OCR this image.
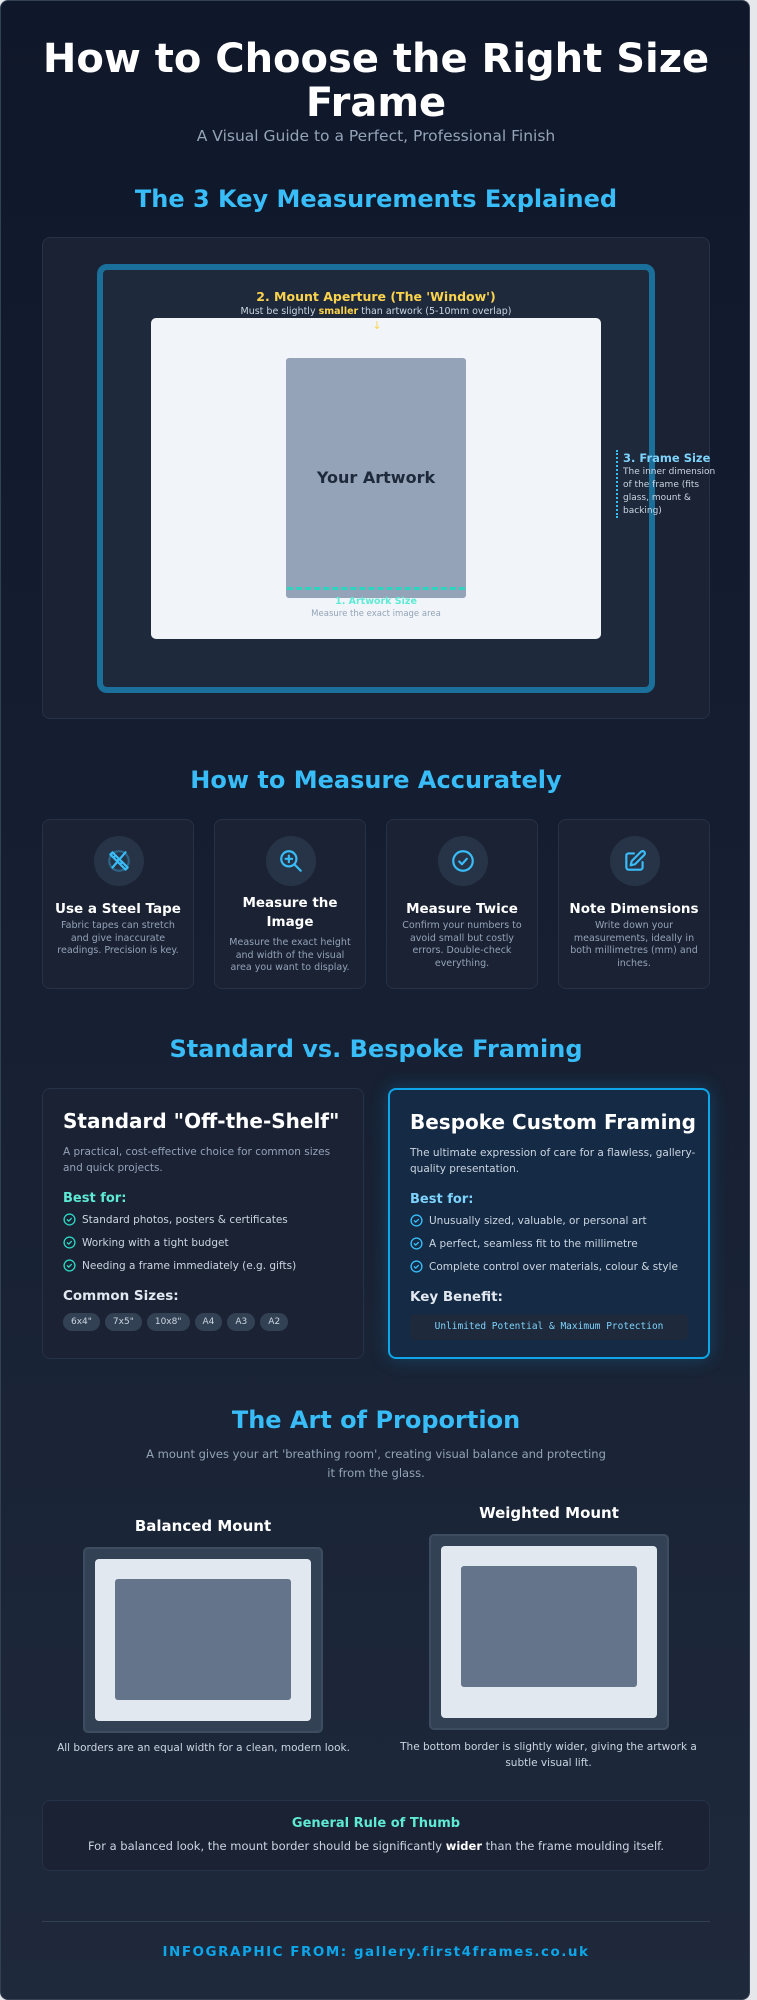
How to Choose the Right Size Frame
A Visual Guide to a Perfect, Professional Finish
The 3 Key Measurements Explained
2. Mount Aperture (The 'Window')
Must be slightly smaller than artwork (5-10mm overlap)
↓
Your Artwork
1. Artwork Size
Measure the exact image area
3. Frame Size
The inner dimension of the frame (fits glass, mount & backing)
How to Measure Accurately
Use a Steel Tape
Fabric tapes can stretch and give inaccurate readings. Precision is key.
Measure the Image
Measure the exact height and width of the visual area you want to display.
Measure Twice
Confirm your numbers to avoid small but costly errors. Double-check everything.
Note Dimensions
Write down your measurements, ideally in both millimetres (mm) and inches.
Standard vs. Bespoke Framing
Standard "Off-the-Shelf"
A practical, cost-effective choice for common sizes and quick projects.
Best for:
Standard photos, posters & certificates
Working with a tight budget
Needing a frame immediately (e.g. gifts)
Common Sizes:
6x4"	7x5"	10x8"	A4	A3	A2
Bespoke Custom Framing
The ultimate expression of care for a flawless, gallery-quality presentation.
Best for:
Unusually sized, valuable, or personal art
A perfect, seamless fit to the millimetre
Complete control over materials, colour & style
Key Benefit:
Unlimited Potential & Maximum Protection
The Art of Proportion
A mount gives your art 'breathing room', creating visual balance and protecting it from the glass.
Balanced Mount
All borders are an equal width for a clean, modern look.
Weighted Mount
The bottom border is slightly wider, giving the artwork a subtle visual lift.
General Rule of Thumb
For a balanced look, the mount border should be significantly wider than the frame moulding itself.
INFOGRAPHIC FROM: gallery.first4frames.co.uk
